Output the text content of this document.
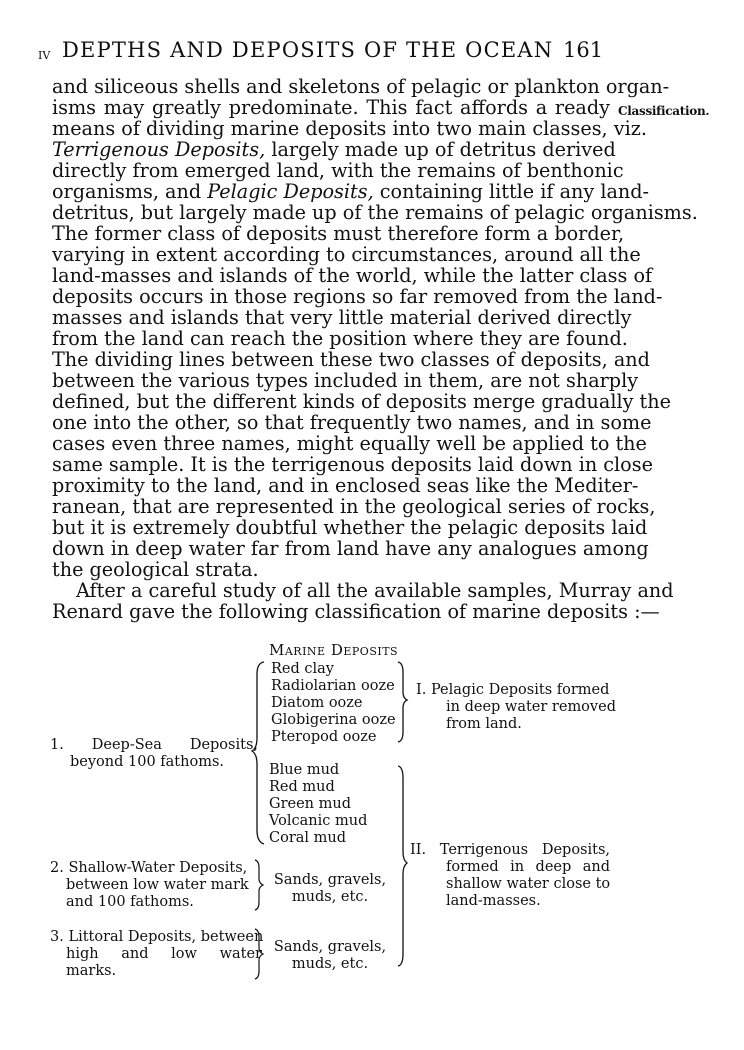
iv DEPTHS AND DEPOSITS OF THE OCEAN 161
Classification.
and siliceous shells and skeletons of pelagic or plankton organ-
isms may greatly predominate. This fact affords a ready
means of dividing marine deposits into two main classes, viz.
Terrigenous Deposits, largely made up of detritus derived
directly from emerged land, with the remains of benthonic
organisms, and Pelagic Deposits, containing little if any land-
detritus, but largely made up of the remains of pelagic organisms.
The former class of deposits must therefore form a border,
varying in extent according to circumstances, around all the
land-masses and islands of the world, while the latter class of
deposits occurs in those regions so far removed from the land-
masses and islands that very little material derived directly
from the land can reach the position where they are found.
The dividing lines between these two classes of deposits, and
between the various types included in them, are not sharply
defined, but the different kinds of deposits merge gradually the
one into the other, so that frequently two names, and in some
cases even three names, might equally well be applied to the
same sample. It is the terrigenous deposits laid down in close
proximity to the land, and in enclosed seas like the Mediter-
ranean, that are represented in the geological series of rocks,
but it is extremely doubtful whether the pelagic deposits laid
down in deep water far from land have any analogues among
the geological strata.
After a careful study of all the available samples, Murray and
Renard gave the following classification of marine deposits :—
Marine Deposits
Red clay
Radiolarian ooze
Diatom ooze
Globigerina ooze
Pteropod ooze
Blue mud
Red mud
Green mud
Volcanic mud
Coral mud
1. Deep-Sea Deposits,
beyond 100 fathoms.
2. Shallow-Water Deposits,
between low water mark
and 100 fathoms.
Sands, gravels,
muds, etc.
3. Littoral Deposits, between
high and low water
marks.
Sands, gravels,
muds, etc.
I. Pelagic Deposits formed
in deep water removed
from land.
II. Terrigenous Deposits,
formed in deep and
shallow water close to
land-masses.
